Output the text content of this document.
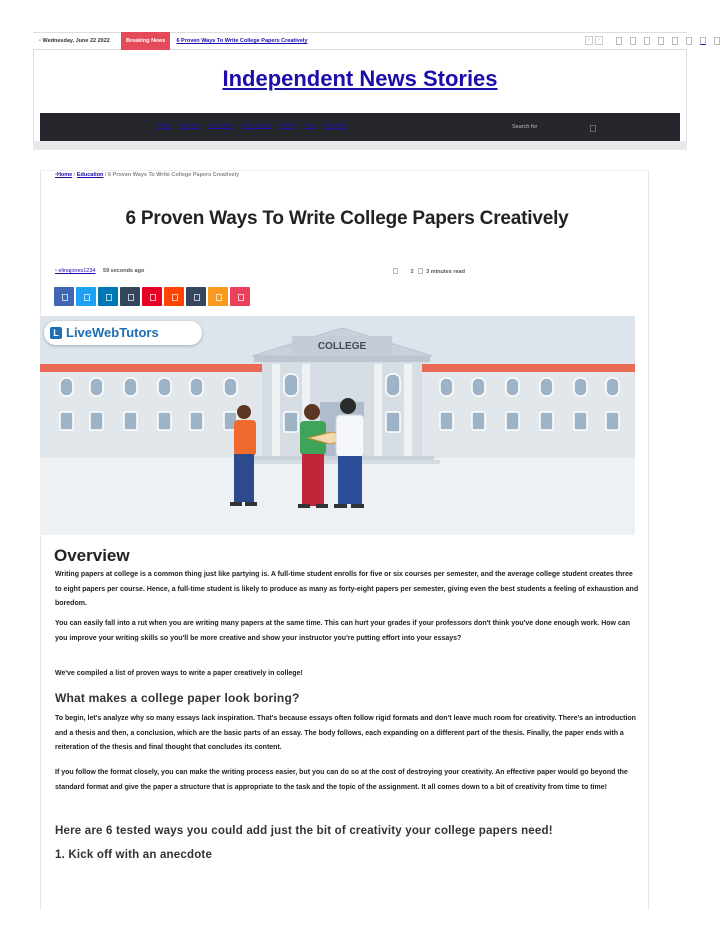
▫ Wednesday, June 22 2022	Breaking News	6 Proven Ways To Write College Papers Creatively	‹	›
Independent News Stories
Home Business Technology Entertainment Health Travel Education	Search for
▫Home / Education / 6 Proven Ways To Write College Papers Creatively
6 Proven Ways To Write College Papers Creatively
▫ elinajones1234 59 seconds ago	2 3 minutes read
COLLEGE
L LiveWebTutors
Overview

Writing papers at college is a common thing just like partying is. A full-time student enrolls for five or six courses per semester, and the average college student creates three to eight papers per course. Hence, a full-time student is likely to produce as many as forty-eight papers per semester, giving even the best students a feeling of exhaustion and boredom.

You can easily fall into a rut when you are writing many papers at the same time. This can hurt your grades if your professors don't think you've done enough work. How can you improve your writing skills so you'll be more creative and show your instructor you're putting effort into your essays?

We've compiled a list of proven ways to write a paper creatively in college!

What makes a college paper look boring?

To begin, let's analyze why so many essays lack inspiration. That's because essays often follow rigid formats and don't leave much room for creativity. There's an introduction and a thesis and then, a conclusion, which are the basic parts of an essay. The body follows, each expanding on a different part of the thesis. Finally, the paper ends with a reiteration of the thesis and final thought that concludes its content.

If you follow the format closely, you can make the writing process easier, but you can do so at the cost of destroying your creativity. An effective paper would go beyond the standard format and give the paper a structure that is appropriate to the task and the topic of the assignment. It all comes down to a bit of creativity from time to time!

Here are 6 tested ways you could add just the bit of creativity your college papers need!
1. Kick off with an anecdote
